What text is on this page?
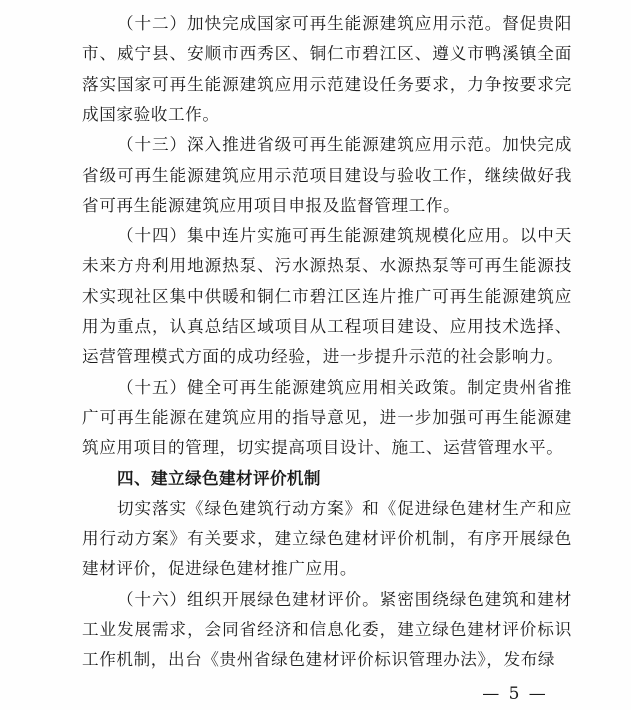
（十二）加快完成国家可再生能源建筑应用示范。督促贵阳
市、威宁县、安顺市西秀区、铜仁市碧江区、遵义市鸭溪镇全面
落实国家可再生能源建筑应用示范建设任务要求，力争按要求完
成国家验收工作。
（十三）深入推进省级可再生能源建筑应用示范。加快完成
省级可再生能源建筑应用示范项目建设与验收工作，继续做好我
省可再生能源建筑应用项目申报及监督管理工作。
（十四）集中连片实施可再生能源建筑规模化应用。以中天
未来方舟利用地源热泵、污水源热泵、水源热泵等可再生能源技
术实现社区集中供暖和铜仁市碧江区连片推广可再生能源建筑应
用为重点，认真总结区域项目从工程项目建设、应用技术选择、
运营管理模式方面的成功经验，进一步提升示范的社会影响力。
（十五）健全可再生能源建筑应用相关政策。制定贵州省推
广可再生能源在建筑应用的指导意见，进一步加强可再生能源建
筑应用项目的管理，切实提高项目设计、施工、运营管理水平。
四、建立绿色建材评价机制
切实落实《绿色建筑行动方案》和《促进绿色建材生产和应
用行动方案》有关要求，建立绿色建材评价机制，有序开展绿色
建材评价，促进绿色建材推广应用。
（十六）组织开展绿色建材评价。紧密围绕绿色建筑和建材
工业发展需求，会同省经济和信息化委，建立绿色建材评价标识
工作机制，出台《贵州省绿色建材评价标识管理办法》，发布绿
— 5 —
